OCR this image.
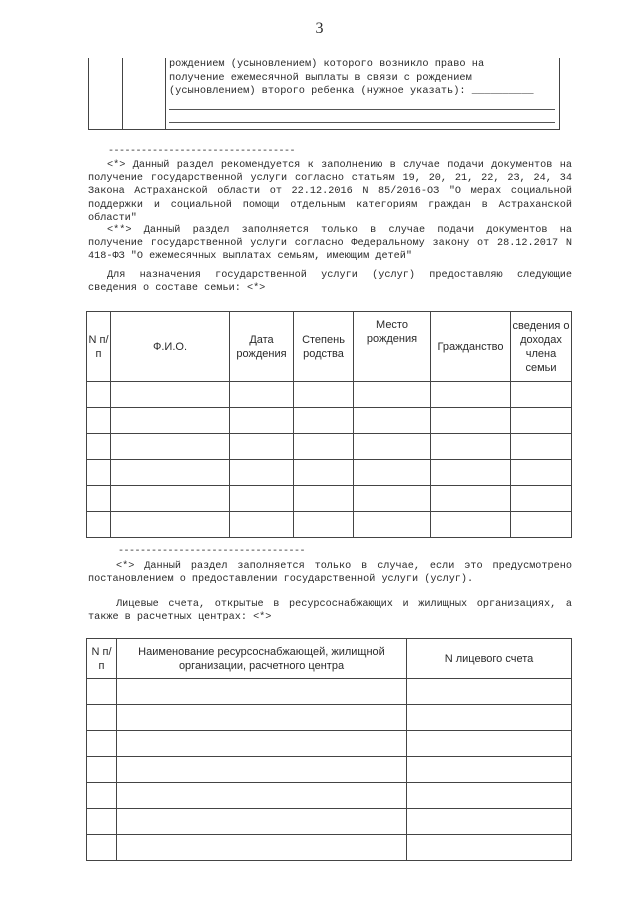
3

рождением (усыновлением) которого возникло право на

получение ежемесячной выплаты в связи с рождением

(усыновлением) второго ребенка (нужное указать): __________

----------------------------------

<*> Данный раздел рекомендуется к заполнению в случае подачи документов на получение государственной услуги согласно статьям 19, 20, 21, 22, 23, 24, 34 Закона Астраханской области от 22.12.2016 N 85/2016-ОЗ "О мерах социальной поддержки и социальной помощи отдельным категориям граждан в Астраханской области"

<**> Данный раздел заполняется только в случае подачи документов на получение государственной услуги согласно Федеральному закону от 28.12.2017 N 418-ФЗ "О ежемесячных выплатах семьям, имеющим детей"

Для назначения государственной услуги (услуг) предоставляю следующие сведения о составе семьи: <*>

N п/п	Ф.И.О.	Дата рождения	Степень родства	Место рождения	Гражданство	сведения о доходах члена семьи

----------------------------------

<*> Данный раздел заполняется только в случае, если это предусмотрено постановлением о предоставлении государственной услуги (услуг).

Лицевые счета, открытые в ресурсоснабжающих и жилищных организациях, а также в расчетных центрах: <*>

N п/п	Наименование ресурсоснабжающей, жилищной организации, расчетного центра	N лицевого счета
